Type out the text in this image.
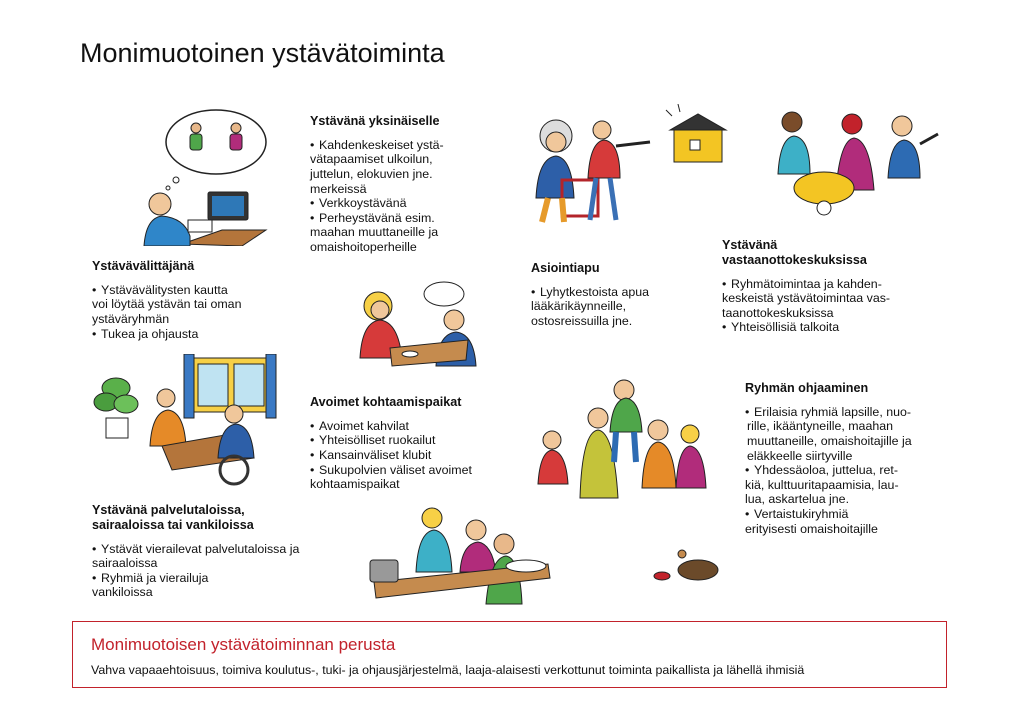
Monimuotoinen ystävätoiminta
Ystävänä yksinäiselle
• Kahdenkeskeiset ystä-
vätapaamiset ulkoilun,
juttelun, elokuvien jne.
merkeissä
• Verkkoystävänä
• Perheystävänä esim.
maahan muuttaneille ja
omaishoitoperheille
Ystävävälittäjänä
• Ystävävälitysten kautta
voi löytää ystävän tai oman
ystäväryhmän
• Tukea ja ohjausta
Asiointiapu
• Lyhytkestoista apua
lääkärikäynneille,
ostosreissuilla jne.
Ystävänä
vastaanottokeskuksissa
• Ryhmätoimintaa ja kahden-
keskeistä ystävätoimintaa vas-
taanottokeskuksissa
• Yhteisöllisiä talkoita
Avoimet kohtaamispaikat
• Avoimet kahvilat
• Yhteisölliset ruokailut
• Kansainväliset klubit
• Sukupolvien väliset avoimet
kohtaamispaikat
Ryhmän ohjaaminen
• Erilaisia ryhmiä lapsille, nuo-
rille, ikääntyneille, maahan
muuttaneille, omaishoitajille ja
eläkkeelle siirtyville
• Yhdessäoloa, juttelua, ret-
kiä, kulttuuritapaamisia, lau-
lua, askartelua jne.
• Vertaistukiryhmiä
erityisesti omaishoitajille
Ystävänä palvelutaloissa,
sairaaloissa tai vankiloissa
• Ystävät vierailevat palvelutaloissa ja
sairaaloissa
• Ryhmiä ja vierailuja
vankiloissa
Monimuotoisen ystävätoiminnan perusta
Vahva vapaaehtoisuus, toimiva koulutus-, tuki- ja ohjausjärjestelmä, laaja-alaisesti verkottunut toiminta paikallista ja lähellä ihmisiä
